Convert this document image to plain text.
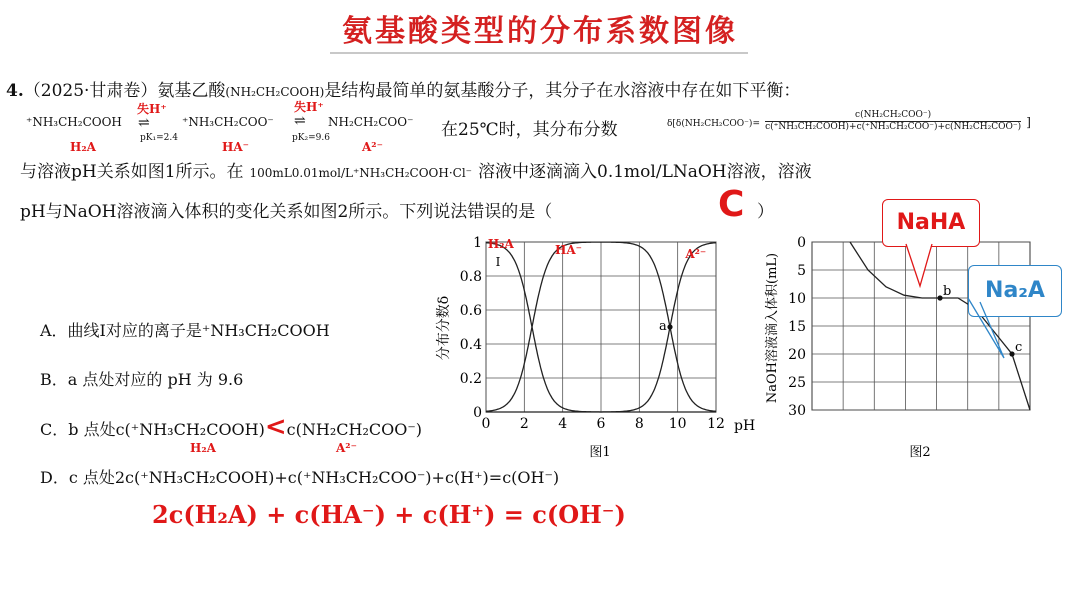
氨基酸类型的分布系数图像
4.（2025·甘肃卷）氨基乙酸(NH₂CH₂COOH)是结构最简单的氨基酸分子，其分子在水溶液中存在如下平衡：
⁺NH₃CH₂COOH
失H⁺
⇌
pK₁=2.4
⁺NH₃CH₂COO⁻
失H⁺
⇌
pK₂=9.6
NH₂CH₂COO⁻
H₂A	HA⁻	A²⁻
在25℃时，其分布分数	$\delta[\delta(NH_2CH_2COO^-)= \frac{\text{c(NH₂CH₂COO⁻)}}{\text{c(⁺NH₃CH₂COOH)+c(⁺NH₃CH₂COO⁻)+c(NH₂CH₂COO⁻)}}$ ]
与溶液pH关系如图1所示。在 100mL0.01mol/L⁺NH₃CH₂COOH·Cl⁻ 溶液中逐滴滴入0.1mol/LNaOH溶液，溶液
pH与NaOH溶液滴入体积的变化关系如图2所示。下列说法错误的是（	C ）
A．曲线Ⅰ对应的离子是⁺NH₃CH₂COOH
B．a 点处对应的 pH 为 9.6
C．b 点处c(⁺NH₃CH₂COOH)<c(NH₂CH₂COO⁻)
H₂A	A²⁻
D．c 点处2c(⁺NH₃CH₂COOH)+c(⁺NH₃CH₂COO⁻)+c(H⁺)=c(OH⁻)
2c(H₂A) + c(HA⁻) + c(H⁺) = c(OH⁻)
0 2 4 6 8 10 12
0
0.2
0.4
0.6
0.8
1 H₂A	HA⁻	A²⁻
Ⅰ
a
图1
pH
分布分数δ
0
5
10
15
20
25
30
b
c
图2
NaOH溶液滴入体积(mL)
NaHA
Na₂A
